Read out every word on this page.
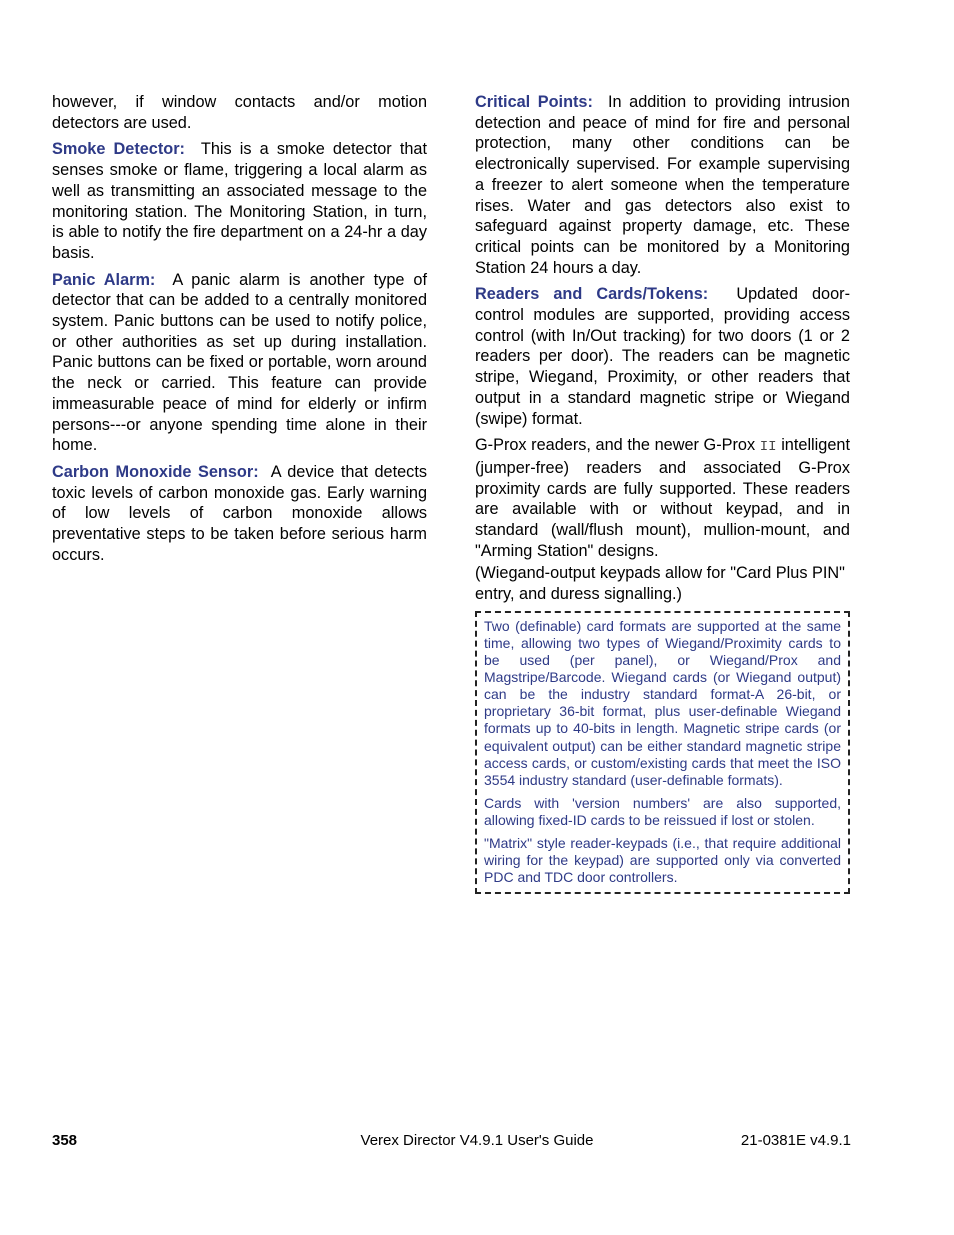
however, if window contacts and/or motion detectors are used.

Smoke Detector: This is a smoke detector that senses smoke or flame, triggering a local alarm as well as transmitting an associated message to the monitoring station. The Monitoring Station, in turn, is able to notify the fire department on a 24-hr a day basis.

Panic Alarm: A panic alarm is another type of detector that can be added to a centrally monitored system. Panic buttons can be used to notify police, or other authorities as set up during installation. Panic buttons can be fixed or portable, worn around the neck or carried. This feature can provide immeasurable peace of mind for elderly or infirm persons---or anyone spending time alone in their home.

Carbon Monoxide Sensor: A device that detects toxic levels of carbon monoxide gas. Early warning of low levels of carbon monoxide allows preventative steps to be taken before serious harm occurs.

Critical Points: In addition to providing intrusion detection and peace of mind for fire and personal protection, many other conditions can be electronically supervised. For example supervising a freezer to alert someone when the temperature rises. Water and gas detectors also exist to safeguard against property damage, etc. These critical points can be monitored by a Monitoring Station 24 hours a day.

Readers and Cards/Tokens: Updated door-control modules are supported, providing access control (with In/Out tracking) for two doors (1 or 2 readers per door). The readers can be magnetic stripe, Wiegand, Proximity, or other readers that output in a standard magnetic stripe or Wiegand (swipe) format.

G-Prox readers, and the newer G-Prox II intelligent (jumper-free) readers and associated G-Prox proximity cards are fully supported. These readers are available with or without keypad, and in standard (wall/flush mount), mullion-mount, and "Arming Station" designs.

(Wiegand-output keypads allow for "Card Plus PIN" entry, and duress signalling.)

Two (definable) card formats are supported at the same time, allowing two types of Wiegand/Proximity cards to be used (per panel), or Wiegand/Prox and Magstripe/Barcode. Wiegand cards (or Wiegand output) can be the industry standard format-A 26-bit, or proprietary 36-bit format, plus user-definable Wiegand formats up to 40-bits in length. Magnetic stripe cards (or equivalent output) can be either standard magnetic stripe access cards, or custom/existing cards that meet the ISO 3554 industry standard (user-definable formats).

Cards with 'version numbers' are also supported, allowing fixed-ID cards to be reissued if lost or stolen.

"Matrix" style reader-keypads (i.e., that require additional wiring for the keypad) are supported only via converted PDC and TDC door controllers.

358	Verex Director V4.9.1 User's Guide	21-0381E v4.9.1
